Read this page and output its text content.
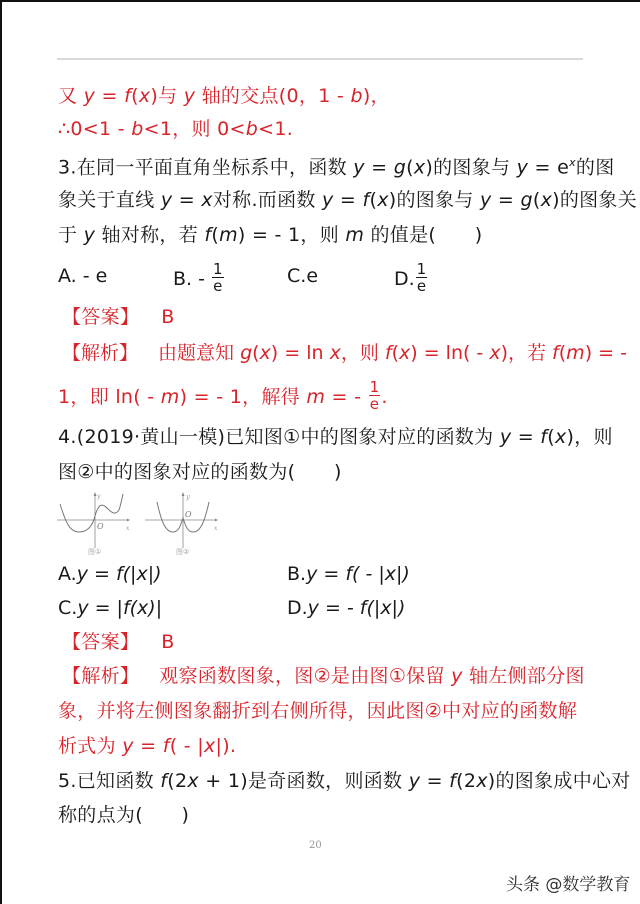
又 y = f(x)与 y 轴的交点(0，1 - b)，
∴0<1 - b<1，则 0<b<1.
3.在同一平面直角坐标系中，函数 y = g(x)的图象与 $y = e^x$的图
象关于直线 y = x对称.而函数 y = f(x)的图象与 y = g(x)的图象关
于 y 轴对称，若 f(m) = - 1，则 m 的值是(　　)
A. - e	B. - $\frac{1}{e}$	C.e	D. $\frac{1}{e}$
【答案】 B
【解析】 由题意知 g(x) = ln x，则 f(x) = ln( - x)，若 f(m) = -
1，即 ln( - m) = - 1，解得 m = - $\frac{1}{e}$ .
4.(2019·黄山一模)已知图①中的图象对应的函数为 y = f(x)，则
图②中的图象对应的函数为(　　)
O	x
y
图①
O
x
y
图②
A.y = f(|x|)	B.y = f( - |x|)
C.y = |f(x)|	D.y = - f(|x|)
【答案】 B
【解析】 观察函数图象，图②是由图①保留 y 轴左侧部分图
象，并将左侧图象翻折到右侧所得，因此图②中对应的函数解
析式为 y = f( - |x|).
5.已知函数 f(2x + 1)是奇函数，则函数 y = f(2x)的图象成中心对
称的点为(　　)
20
头条 @数学教育
